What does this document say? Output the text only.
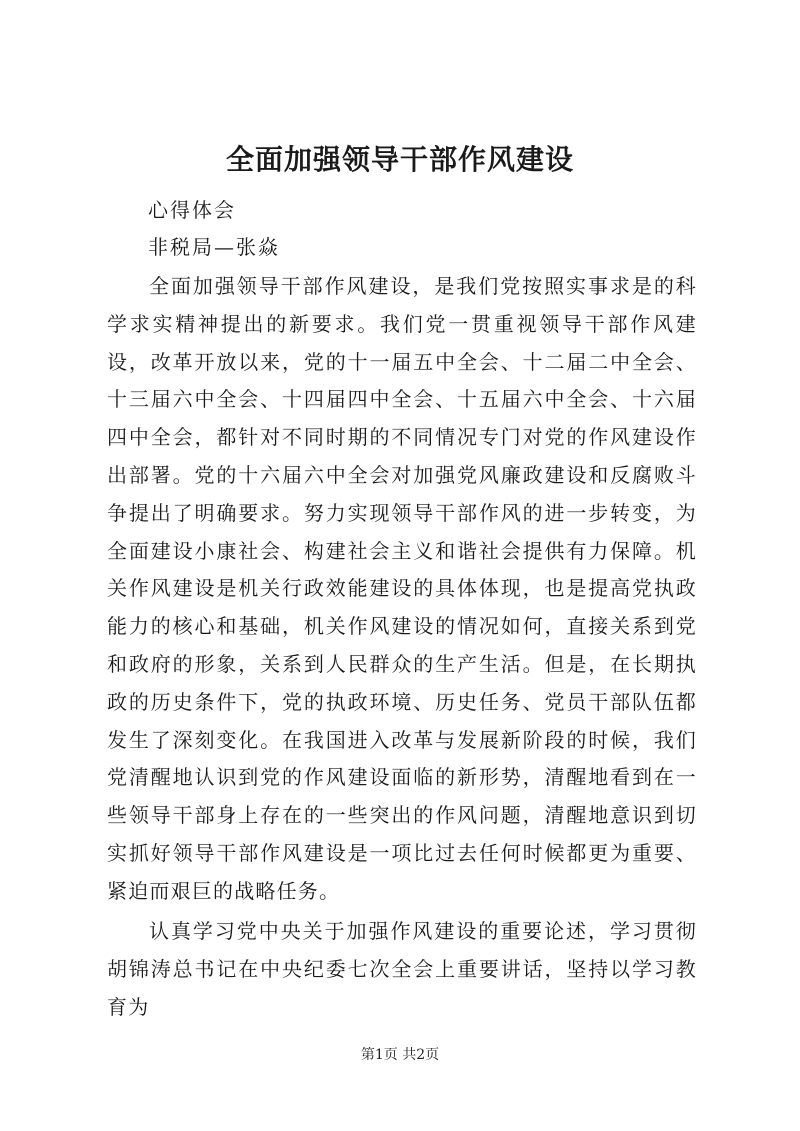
全面加强领导干部作风建设
心得体会
非税局—张焱

全面加强领导干部作风建设，是我们党按照实事求是的科学求实精神提出的新要求。我们党一贯重视领导干部作风建设，改革开放以来，党的十一届五中全会、十二届二中全会、十三届六中全会、十四届四中全会、十五届六中全会、十六届四中全会，都针对不同时期的不同情况专门对党的作风建设作出部署。党的十六届六中全会对加强党风廉政建设和反腐败斗争提出了明确要求。努力实现领导干部作风的进一步转变，为全面建设小康社会、构建社会主义和谐社会提供有力保障。机关作风建设是机关行政效能建设的具体体现，也是提高党执政能力的核心和基础，机关作风建设的情况如何，直接关系到党和政府的形象，关系到人民群众的生产生活。但是，在长期执政的历史条件下，党的执政环境、历史任务、党员干部队伍都发生了深刻变化。在我国进入改革与发展新阶段的时候，我们党清醒地认识到党的作风建设面临的新形势，清醒地看到在一些领导干部身上存在的一些突出的作风问题，清醒地意识到切实抓好领导干部作风建设是一项比过去任何时候都更为重要、紧迫而艰巨的战略任务。

认真学习党中央关于加强作风建设的重要论述，学习贯彻胡锦涛总书记在中央纪委七次全会上重要讲话，坚持以学习教育为

第1页 共2页
